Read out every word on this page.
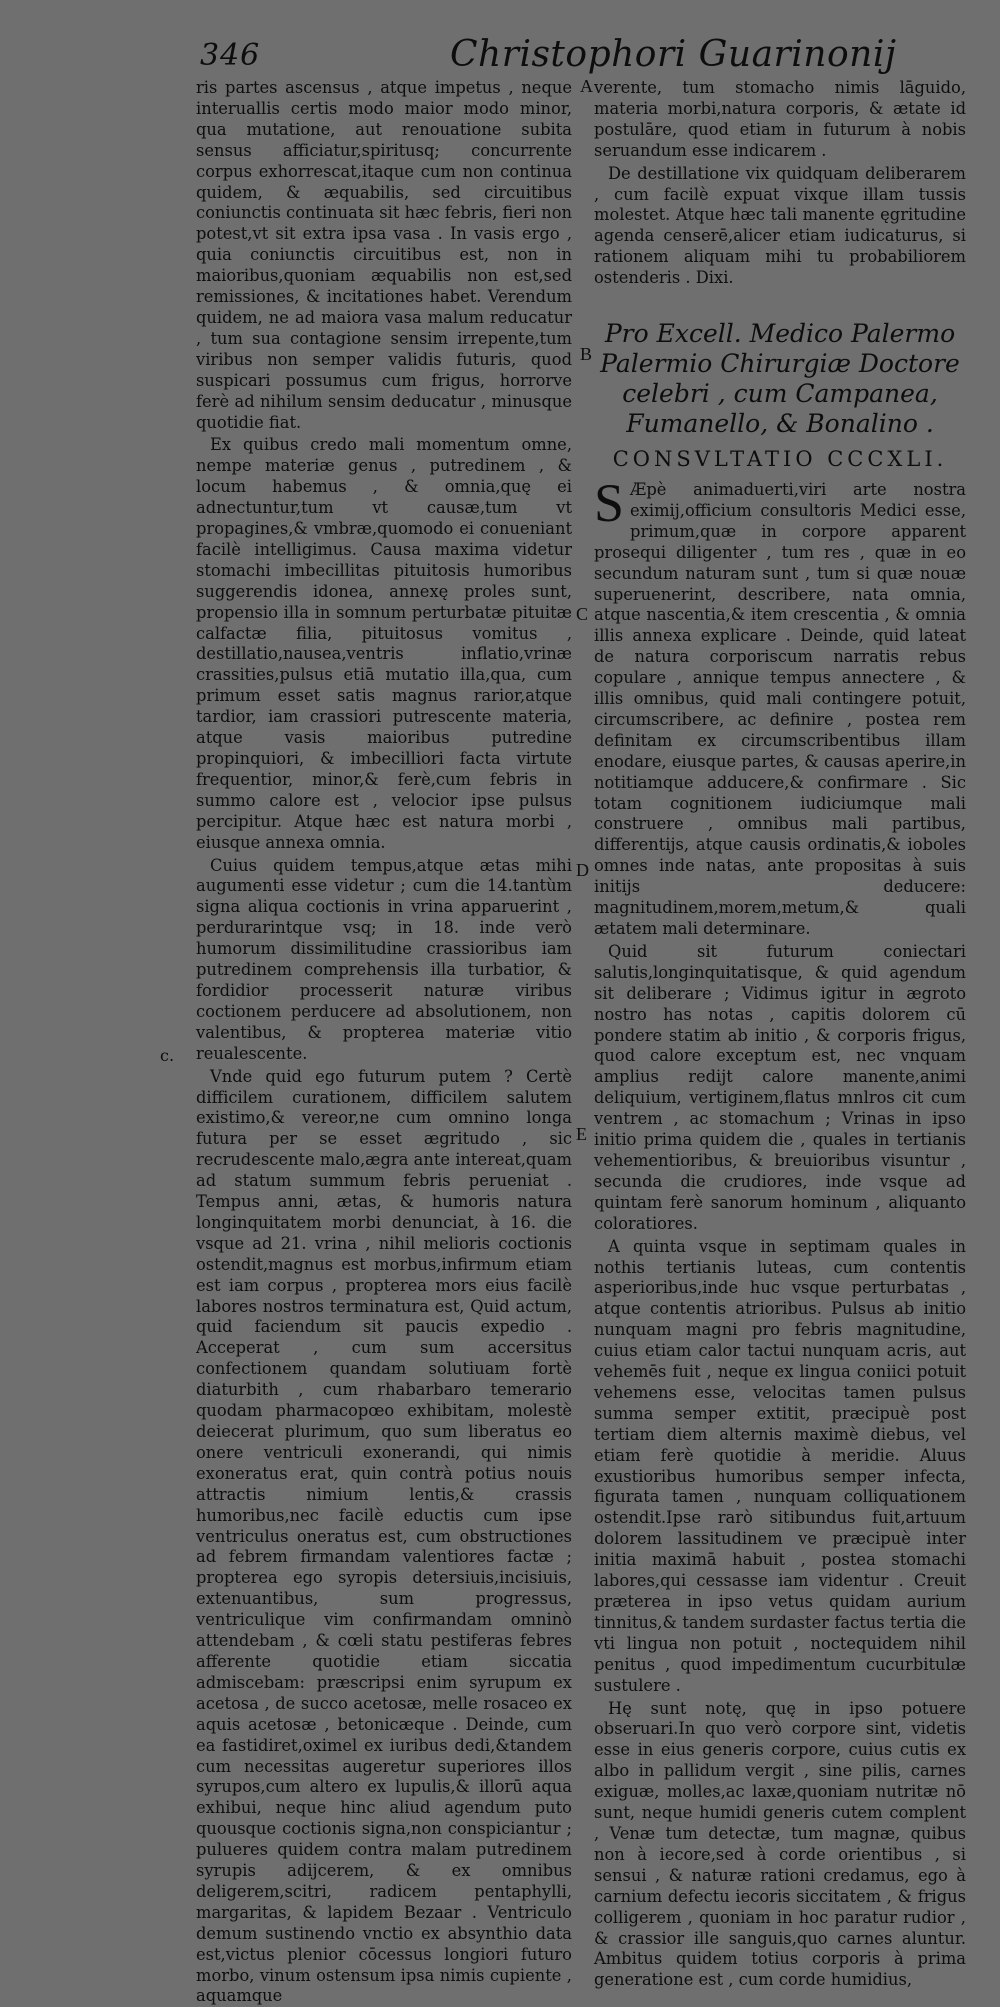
346	Christophori Guarinonij
A
B
C
D
E
c.

ris partes ascensus , atque impetus , neque interuallis certis modo maior modo minor, qua mutatione, aut renouatione subita sensus afficiatur,spiritusq; concurrente corpus exhorrescat,itaque cum non continua quidem, & æquabilis, sed circuitibus coniunctis continuata sit hæc febris, fieri non potest,vt sit extra ipsa vasa . In vasis ergo , quia coniunctis circuitibus est, non in maioribus,quoniam æquabilis non est,sed remissiones, & incitationes habet. Verendum quidem, ne ad maiora vasa malum reducatur , tum sua contagione sensim irrepente,tum viribus non semper validis futuris, quod suspicari possumus cum frigus, horrorve ferè ad nihilum sensim deducatur , minusque quotidie fiat.

Ex quibus credo mali momentum omne, nempe materiæ genus , putredinem , & locum habemus , & omnia,quę ei adnectuntur,tum vt causæ,tum vt propagines,& vmbræ,quomodo ei conueniant facilè intelligimus. Causa maxima videtur stomachi imbecillitas pituitosis humoribus suggerendis idonea, annexę proles sunt, propensio illa in somnum perturbatæ pituitæ calfactæ filia, pituitosus vomitus , destillatio,nausea,ventris inflatio,vrinæ crassities,pulsus etiā mutatio illa,qua, cum primum esset satis magnus rarior,atque tardior, iam crassiori putrescente materia, atque vasis maioribus putredine propinquiori, & imbecilliori facta virtute frequentior, minor,& ferè,cum febris in summo calore est , velocior ipse pulsus percipitur. Atque hæc est natura morbi , eiusque annexa omnia.

Cuius quidem tempus,atque ætas mihi augumenti esse videtur ; cum die 14.tantùm signa aliqua coctionis in vrina apparuerint , perdurarintque vsq; in 18. inde verò humorum dissimilitudine crassioribus iam putredinem comprehensis illa turbatior, & fordidior processerit naturæ viribus coctionem perducere ad absolutionem, non valentibus, & propterea materiæ vitio reualescente.

Vnde quid ego futurum putem ? Certè difficilem curationem, difficilem salutem existimo,& vereor,ne cum omnino longa futura per se esset ægritudo , sic recrudescente malo,ægra ante intereat,quam ad statum summum febris perueniat . Tempus anni, ætas, & humoris natura longinquitatem morbi denunciat, à 16. die vsque ad 21. vrina , nihil melioris coctionis ostendit,magnus est morbus,infirmum etiam est iam corpus , propterea mors eius facilè labores nostros terminatura est, Quid actum, quid faciendum sit paucis expedio . Acceperat , cum sum accersitus confectionem quandam solutiuam fortè diaturbith , cum rhabarbaro temerario quodam pharmacopœo exhibitam, molestè deiecerat plurimum, quo sum liberatus eo onere ventriculi exonerandi, qui nimis exoneratus erat, quin contrà potius nouis attractis nimium lentis,& crassis humoribus,nec facilè eductis cum ipse ventriculus oneratus est, cum obstructiones ad febrem firmandam valentiores factæ ; propterea ego syropis detersiuis,incisiuis, extenuantibus, sum progressus, ventriculique vim confirmandam omninò attendebam , & cœli statu pestiferas febres afferente quotidie etiam siccatia admiscebam: præscripsi enim syrupum ex acetosa , de succo acetosæ, melle rosaceo ex aquis acetosæ , betonicæque . Deinde, cum ea fastidiret,oximel ex iuribus dedi,&tandem cum necessitas augeretur superiores illos syrupos,cum altero ex lupulis,& illorū aqua exhibui, neque hinc aliud agendum puto quousque coctionis signa,non conspiciantur ; pulueres quidem contra malam putredinem syrupis adijcerem, & ex omnibus deligerem,scitri, radicem pentaphylli, margaritas, & lapidem Bezaar . Ventriculo demum sustinendo vnctio ex absynthio data est,victus plenior cōcessus longiori futuro morbo, vinum ostensum ipsa nimis cupiente , aquamque

verente, tum stomacho nimis lāguido, materia morbi,natura corporis, & ætate id postulāre, quod etiam in futurum à nobis seruandum esse indicarem .

De destillatione vix quidquam deliberarem , cum facilè expuat vixque illam tussis molestet. Atque hæc tali manente ęgritudine agenda censerē,alicer etiam iudicaturus, si rationem aliquam mihi tu probabiliorem ostenderis . Dixi.

Pro Excell. Medico Palermo Palermio Chirurgiæ Doctore celebri , cum Campanea, Fumanello, & Bonalino .
CONSVLTATIO CCCXLI.

S Æpè animaduerti,viri arte nostra eximij,officium consultoris Medici esse, primum,quæ in corpore apparent prosequi diligenter , tum res , quæ in eo secundum naturam sunt , tum si quæ nouæ superuenerint, describere, nata omnia, atque nascentia,& item crescentia , & omnia illis annexa explicare . Deinde, quid lateat de natura corporiscum narratis rebus copulare , annique tempus annectere , & illis omnibus, quid mali contingere potuit, circumscribere, ac definire , postea rem definitam ex circumscribentibus illam enodare, eiusque partes, & causas aperire,in notitiamque adducere,& confirmare . Sic totam cognitionem iudiciumque mali construere , omnibus mali partibus, differentijs, atque causis ordinatis,& ioboles omnes inde natas, ante propositas à suis initijs deducere: magnitudinem,morem,metum,& quali ætatem mali determinare.

Quid sit futurum coniectari salutis,longinquitatisque, & quid agendum sit deliberare ; Vidimus igitur in ægroto nostro has notas , capitis dolorem cū pondere statim ab initio , & corporis frigus, quod calore exceptum est, nec vnquam amplius redijt calore manente,animi deliquium, vertiginem,flatus mnlros cit cum ventrem , ac stomachum ; Vrinas in ipso initio prima quidem die , quales in tertianis vehementioribus, & breuioribus visuntur , secunda die crudiores, inde vsque ad quintam ferè sanorum hominum , aliquanto coloratiores.

A quinta vsque in septimam quales in nothis tertianis luteas, cum contentis asperioribus,inde huc vsque perturbatas , atque contentis atrioribus. Pulsus ab initio nunquam magni pro febris magnitudine, cuius etiam calor tactui nunquam acris, aut vehemēs fuit , neque ex lingua coniici potuit vehemens esse, velocitas tamen pulsus summa semper extitit, præcipuè post tertiam diem alternis maximè diebus, vel etiam ferè quotidie à meridie. Aluus exustioribus humoribus semper infecta, figurata tamen , nunquam colliquationem ostendit.Ipse rarò sitibundus fuit,artuum dolorem lassitudinem ve præcipuè inter initia maximā habuit , postea stomachi labores,qui cessasse iam videntur . Creuit præterea in ipso vetus quidam aurium tinnitus,& tandem surdaster factus tertia die vti lingua non potuit , noctequidem nihil penitus , quod impedimentum cucurbitulæ sustulere .

Hę sunt notę, quę in ipso potuere obseruari.In quo verò corpore sint, videtis esse in eius generis corpore, cuius cutis ex albo in pallidum vergit , sine pilis, carnes exiguæ, molles,ac laxæ,quoniam nutritæ nō sunt, neque humidi generis cutem complent , Venæ tum detectæ, tum magnæ, quibus non à iecore,sed à corde orientibus , si sensui , & naturæ rationi credamus, ego à carnium defectu iecoris siccitatem , & frigus colligerem , quoniam in hoc paratur rudior , & crassior ille sanguis,quo carnes aluntur. Ambitus quidem totius corporis à prima generatione est , cum corde humidius,
